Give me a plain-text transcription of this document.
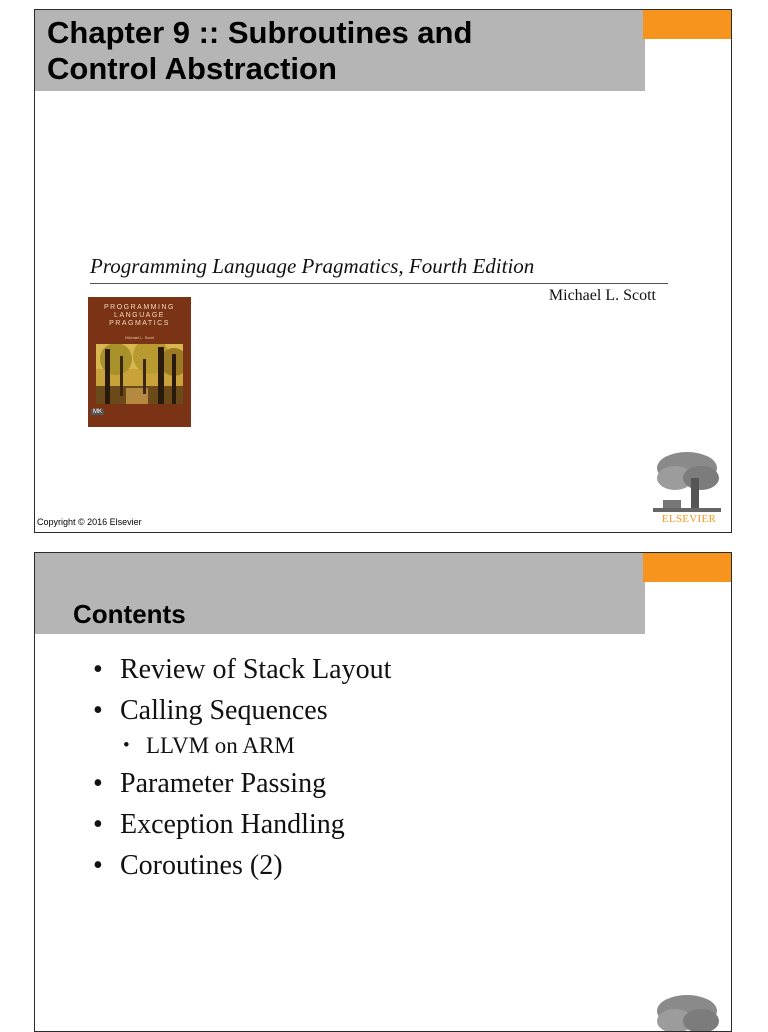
Chapter 9 :: Subroutines and
Control Abstraction

Programming Language Pragmatics, Fourth Edition

Michael L. Scott
PROGRAMMING
LANGUAGE
PRAGMATICS
Michael L. Scott
MK
ELSEVIER
Copyright © 2016 Elsevier
Contents
• Review of Stack Layout
• Calling Sequences
• LLVM on ARM
• Parameter Passing
• Exception Handling
• Coroutines (2)
